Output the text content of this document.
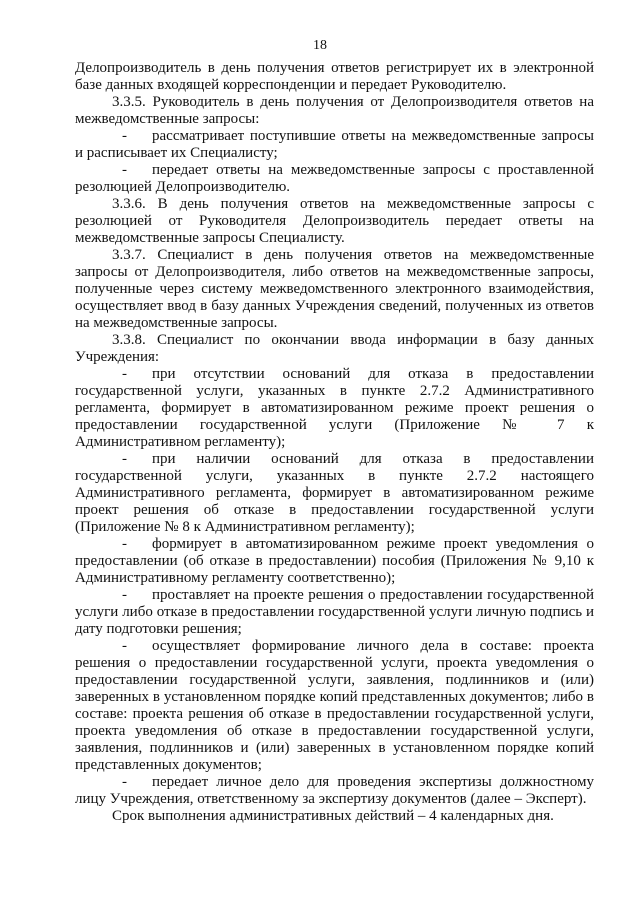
18

Делопроизводитель в день получения ответов регистрирует их в электронной базе данных входящей корреспонденции и передает Руководителю.

3.3.5. Руководитель в день получения от Делопроизводителя ответов на межведомственные запросы:

- рассматривает поступившие ответы на межведомственные запросы и расписывает их Специалисту;

- передает ответы на межведомственные запросы с проставленной резолюцией Делопроизводителю.

3.3.6. В день получения ответов на межведомственные запросы с резолюцией от Руководителя Делопроизводитель передает ответы на межведомственные запросы Специалисту.

3.3.7. Специалист в день получения ответов на межведомственные запросы от Делопроизводителя, либо ответов на межведомственные запросы, полученные через систему межведомственного электронного взаимодействия, осуществляет ввод в базу данных Учреждения сведений, полученных из ответов на межведомственные запросы.

3.3.8. Специалист по окончании ввода информации в базу данных Учреждения:

- при отсутствии оснований для отказа в предоставлении государственной услуги, указанных в пункте 2.7.2 Административного регламента, формирует в автоматизированном режиме проект решения о предоставлении государственной услуги (Приложение № 7 к Административном регламенту);

- при наличии оснований для отказа в предоставлении государственной услуги, указанных в пункте 2.7.2 настоящего Административного регламента, формирует в автоматизированном режиме проект решения об отказе в предоставлении государственной услуги (Приложение № 8 к Административном регламенту);

- формирует в автоматизированном режиме проект уведомления о предоставлении (об отказе в предоставлении) пособия (Приложения № 9,10 к Административному регламенту соответственно);

- проставляет на проекте решения о предоставлении государственной услуги либо отказе в предоставлении государственной услуги личную подпись и дату подготовки решения;

- осуществляет формирование личного дела в составе: проекта решения о предоставлении государственной услуги, проекта уведомления о предоставлении государственной услуги, заявления, подлинников и (или) заверенных в установленном порядке копий представленных документов; либо в составе: проекта решения об отказе в предоставлении государственной услуги, проекта уведомления об отказе в предоставлении государственной услуги, заявления, подлинников и (или) заверенных в установленном порядке копий представленных документов;

- передает личное дело для проведения экспертизы должностному лицу Учреждения, ответственному за экспертизу документов (далее – Эксперт).

Срок выполнения административных действий – 4 календарных дня.
